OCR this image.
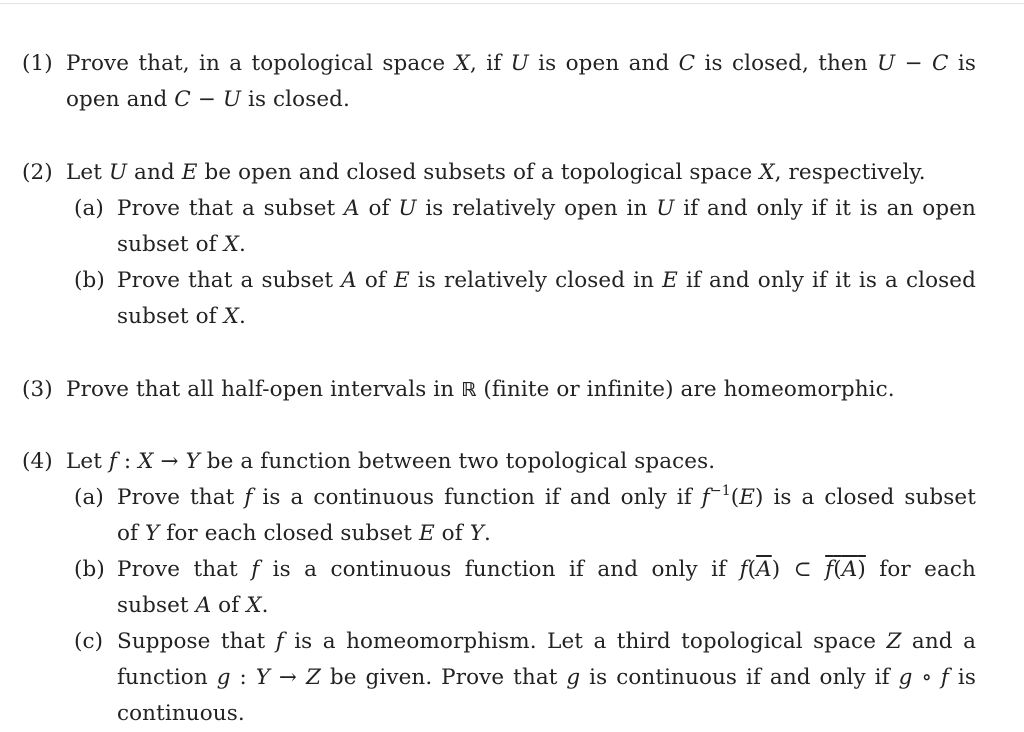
(1) Prove that, in a topological space X, if U is open and C is closed, then U − C is
open and C − U is closed.
(2) Let U and E be open and closed subsets of a topological space X, respectively.
(a) Prove that a subset A of U is relatively open in U if and only if it is an open
subset of X.
(b) Prove that a subset A of E is relatively closed in E if and only if it is a closed
subset of X.
(3) Prove that all half-open intervals in ℝ (finite or infinite) are homeomorphic.
(4) Let f : X → Y be a function between two topological spaces.
(a) Prove that f is a continuous function if and only if $f^{-1}(E)$ is a closed subset
of Y for each closed subset E of Y.
(b) Prove that f is a continuous function if and only if $f(\overline{A})$ ⊂ f(A) for each
subset A of X.
(c) Suppose that f is a homeomorphism. Let a third topological space Z and a
function g : Y → Z be given. Prove that g is continuous if and only if g ∘ f is
continuous.
